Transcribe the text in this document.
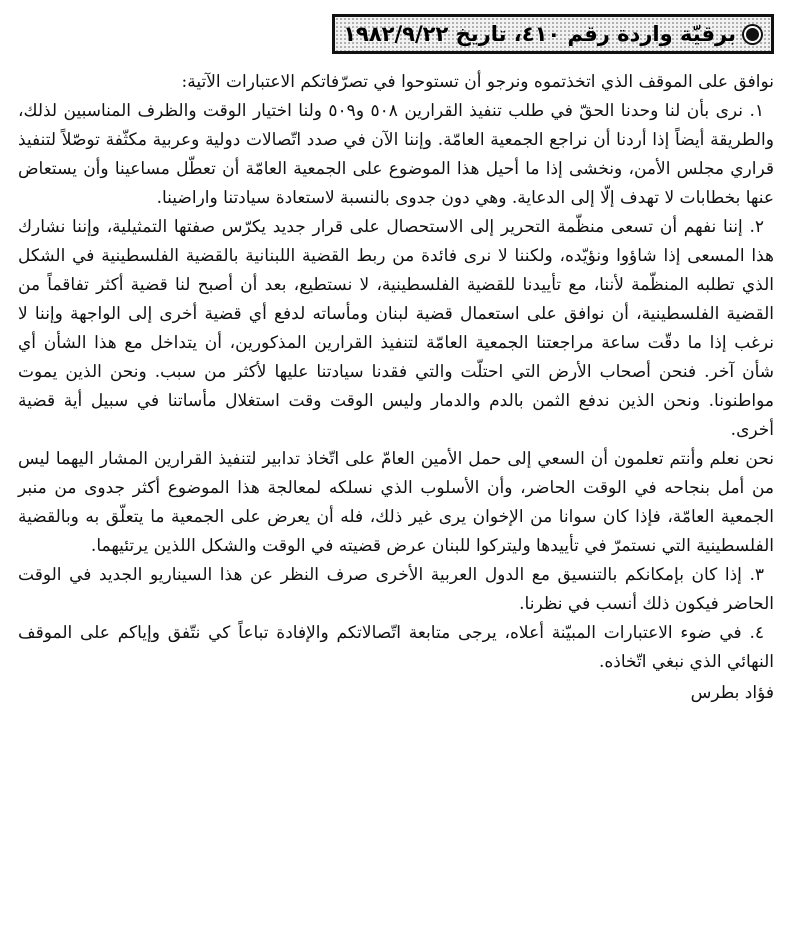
برقيّة واردة رقم ٤١٠، تاريخ ١٩٨٢/٩/٢٢

نوافق على الموقف الذي اتخذتموه ونرجو أن تستوحوا في تصرّفاتكم الاعتبارات الآتية:

١. نرى بأن لنا وحدنا الحقّ في طلب تنفيذ القرارين ٥٠٨ و٥٠٩ ولنا اختيار الوقت والظرف المناسبين لذلك، والطريقة أيضاً إذا أردنا أن نراجع الجمعية العامّة. وإننا الآن في صدد اتّصالات دولية وعربية مكثّفة توصّلاً لتنفيذ قراري مجلس الأمن، ونخشى إذا ما أحيل هذا الموضوع على الجمعية العامّة أن تعطّل مساعينا وأن يستعاض عنها بخطابات لا تهدف إلّا إلى الدعاية. وهي دون جدوى بالنسبة لاستعادة سيادتنا واراضينا.

٢. إننا نفهم أن تسعى منظّمة التحرير إلى الاستحصال على قرار جديد يكرّس صفتها التمثيلية، وإننا نشارك هذا المسعى إذا شاؤوا ونؤيّده، ولكننا لا نرى فائدة من ربط القضية اللبنانية بالقضية الفلسطينية في الشكل الذي تطلبه المنظّمة لأننا، مع تأييدنا للقضية الفلسطينية، لا نستطيع، بعد أن أصبح لنا قضية أكثر تفاقماً من القضية الفلسطينية، أن نوافق على استعمال قضية لبنان ومأساته لدفع أي قضية أخرى إلى الواجهة وإننا لا نرغب إذا ما دقّت ساعة مراجعتنا الجمعية العامّة لتنفيذ القرارين المذكورين، أن يتداخل مع هذا الشأن أي شأن آخر. فنحن أصحاب الأرض التي احتلّت والتي فقدنا سيادتنا عليها لأكثر من سبب. ونحن الذين يموت مواطنونا. ونحن الذين ندفع الثمن بالدم والدمار وليس الوقت وقت استغلال مأساتنا في سبيل أية قضية أخرى.

نحن نعلم وأنتم تعلمون أن السعي إلى حمل الأمين العامّ على اتّخاذ تدابير لتنفيذ القرارين المشار اليهما ليس من أمل بنجاحه في الوقت الحاضر، وأن الأسلوب الذي نسلكه لمعالجة هذا الموضوع أكثر جدوى من منبر الجمعية العامّة، فإذا كان سوانا من الإخوان يرى غير ذلك، فله أن يعرض على الجمعية ما يتعلّق به وبالقضية الفلسطينية التي نستمرّ في تأييدها وليتركوا للبنان عرض قضيته في الوقت والشكل اللذين يرتئيهما.

٣. إذا كان بإمكانكم بالتنسيق مع الدول العربية الأخرى صرف النظر عن هذا السيناريو الجديد في الوقت الحاضر فيكون ذلك أنسب في نظرنا.

٤. في ضوء الاعتبارات المبيّنة أعلاه، يرجى متابعة اتّصالاتكم والإفادة تباعاً كي نتّفق وإياكم على الموقف النهائي الذي نبغي اتّخاذه.

فؤاد بطرس
